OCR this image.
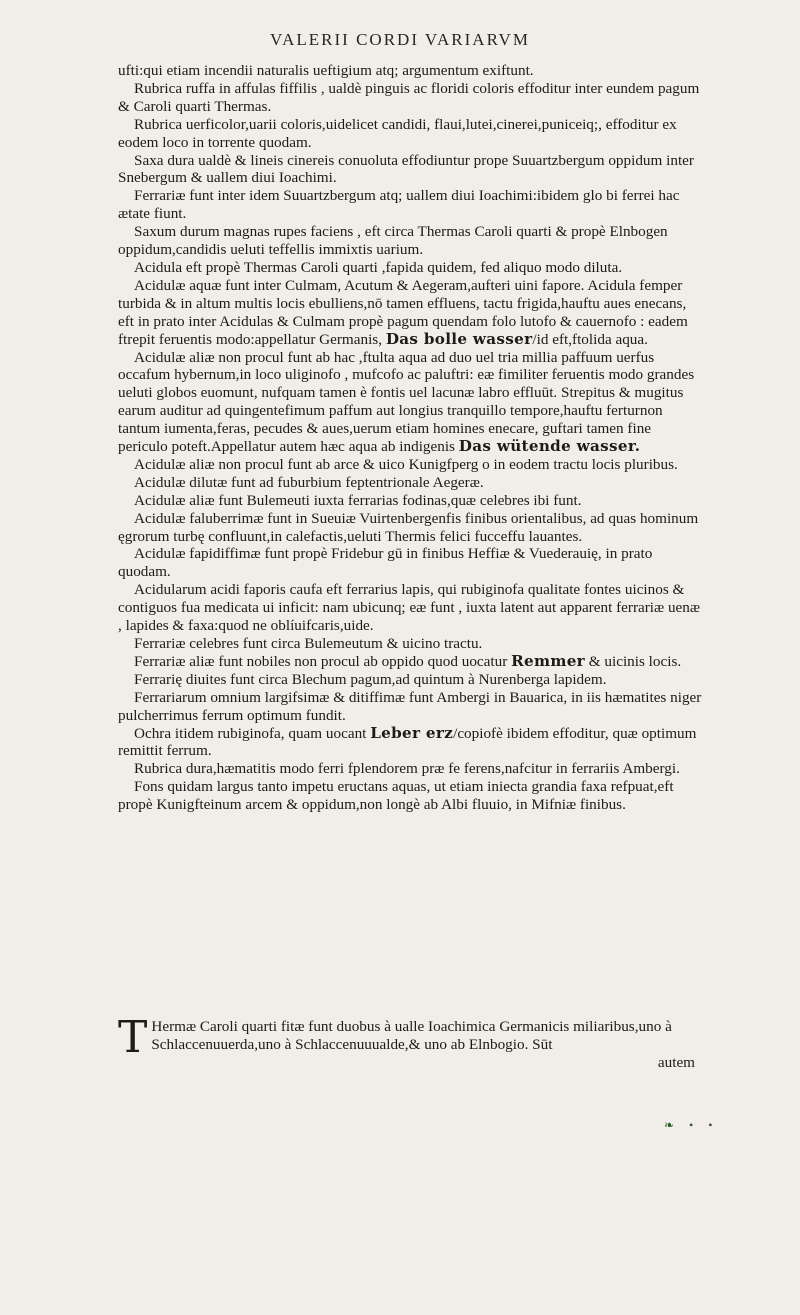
VALERII CORDI VARIARVM

ufti:qui etiam incendii naturalis ueftigium atq; argumentum exiftunt.

Rubrica ruffa in affulas fiffilis , ualdè pinguis ac floridi coloris effoditur inter eundem pagum & Caroli quarti Thermas.

Rubrica uerficolor,uarii coloris,uidelicet candidi, flaui,lutei,cinerei,puniceiq;, effoditur ex eodem loco in torrente quodam.

Saxa dura ualdè & lineis cinereis conuoluta effodiuntur prope Suuartzbergum oppidum inter Snebergum & uallem diui Ioachimi.

Ferrariæ funt inter idem Suuartzbergum atq; uallem diui Ioachimi:ibidem glo bi ferrei hac ætate fiunt.

Saxum durum magnas rupes faciens , eft circa Thermas Caroli quarti & propè Elnbogen oppidum,candidis ueluti teffellis immixtis uarium.

Acidula eft propè Thermas Caroli quarti ,fapida quidem, fed aliquo modo diluta.

Acidulæ aquæ funt inter Culmam, Acutum & Aegeram,aufteri uini fapore. Acidula femper turbida & in altum multis locis ebulliens,nō tamen effluens, tactu frigida,hauftu aues enecans, eft in prato inter Acidulas & Culmam propè pagum quendam folo lutofo & cauernofo : eadem ftrepit feruentis modo:appellatur Germanis, Das bolle wasser/id eft,ftolida aqua.

Acidulæ aliæ non procul funt ab hac ,ftulta aqua ad duo uel tria millia paffuum uerfus occafum hybernum,in loco uliginofo , mufcofo ac paluftri: eæ fimiliter feruentis modo grandes ueluti globos euomunt, nufquam tamen è fontis uel lacunæ labro effluūt. Strepitus & mugitus earum auditur ad quingentefimum paffum aut longius tranquillo tempore,hauftu ferturnon tantum iumenta,feras, pecudes & aues,uerum etiam homines enecare, guftari tamen fine periculo poteft.Appellatur autem hæc aqua ab indigenis Das wütende wasser.

Acidulæ aliæ non procul funt ab arce & uico Kunigfperg o in eodem tractu locis pluribus.

Acidulæ dilutæ funt ad fuburbium feptentrionale Aegeræ.

Acidulæ aliæ funt Bulemeuti iuxta ferrarias fodinas,quæ celebres ibi funt.

Acidulæ faluberrimæ funt in Sueuiæ Vuirtenbergenfis finibus orientalibus, ad quas hominum ęgrorum turbę confluunt,in calefactis,ueluti Thermis felici fucceffu lauantes.

Acidulæ fapidiffimæ funt propè Fridebur gū in finibus Heffiæ & Vuederauię, in prato quodam.

Acidularum acidi faporis caufa eft ferrarius lapis, qui rubiginofa qualitate fontes uicinos & contiguos fua medicata ui inficit: nam ubicunq; eæ funt , iuxta latent aut apparent ferrariæ uenæ , lapides & faxa:quod ne oblíuifcaris,uide.

Ferrariæ celebres funt circa Bulemeutum & uicino tractu.

Ferrariæ aliæ funt nobiles non procul ab oppido quod uocatur Remmer & uicinis locis.

Ferrarię diuites funt circa Blechum pagum,ad quintum à Nurenberga lapidem.

Ferrariarum omnium largifsimæ & ditiffimæ funt Ambergi in Bauarica, in iis hæmatites niger pulcherrimus ferrum optimum fundit.

Ochra itidem rubiginofa, quam uocant Leber erz/copiofè ibidem effoditur, quæ optimum remittit ferrum.

Rubrica dura,hæmatitis modo ferri fplendorem præ fe ferens,nafcitur in ferrariis Ambergi.

Fons quidam largus tanto impetu eructans aquas, ut etiam iniecta grandia faxa refpuat,eft propè Kunigfteinum arcem & oppidum,non longè ab Albi fluuio, in Mifniæ finibus.

T Hermæ Caroli quarti fitæ funt duobus à ualle Ioachimica Germanicis miliaribus,uno à Schlaccenuuerda,uno à Schlaccenuuualde,& uno ab Elnbogio. Sūt
autem
❧ • •
